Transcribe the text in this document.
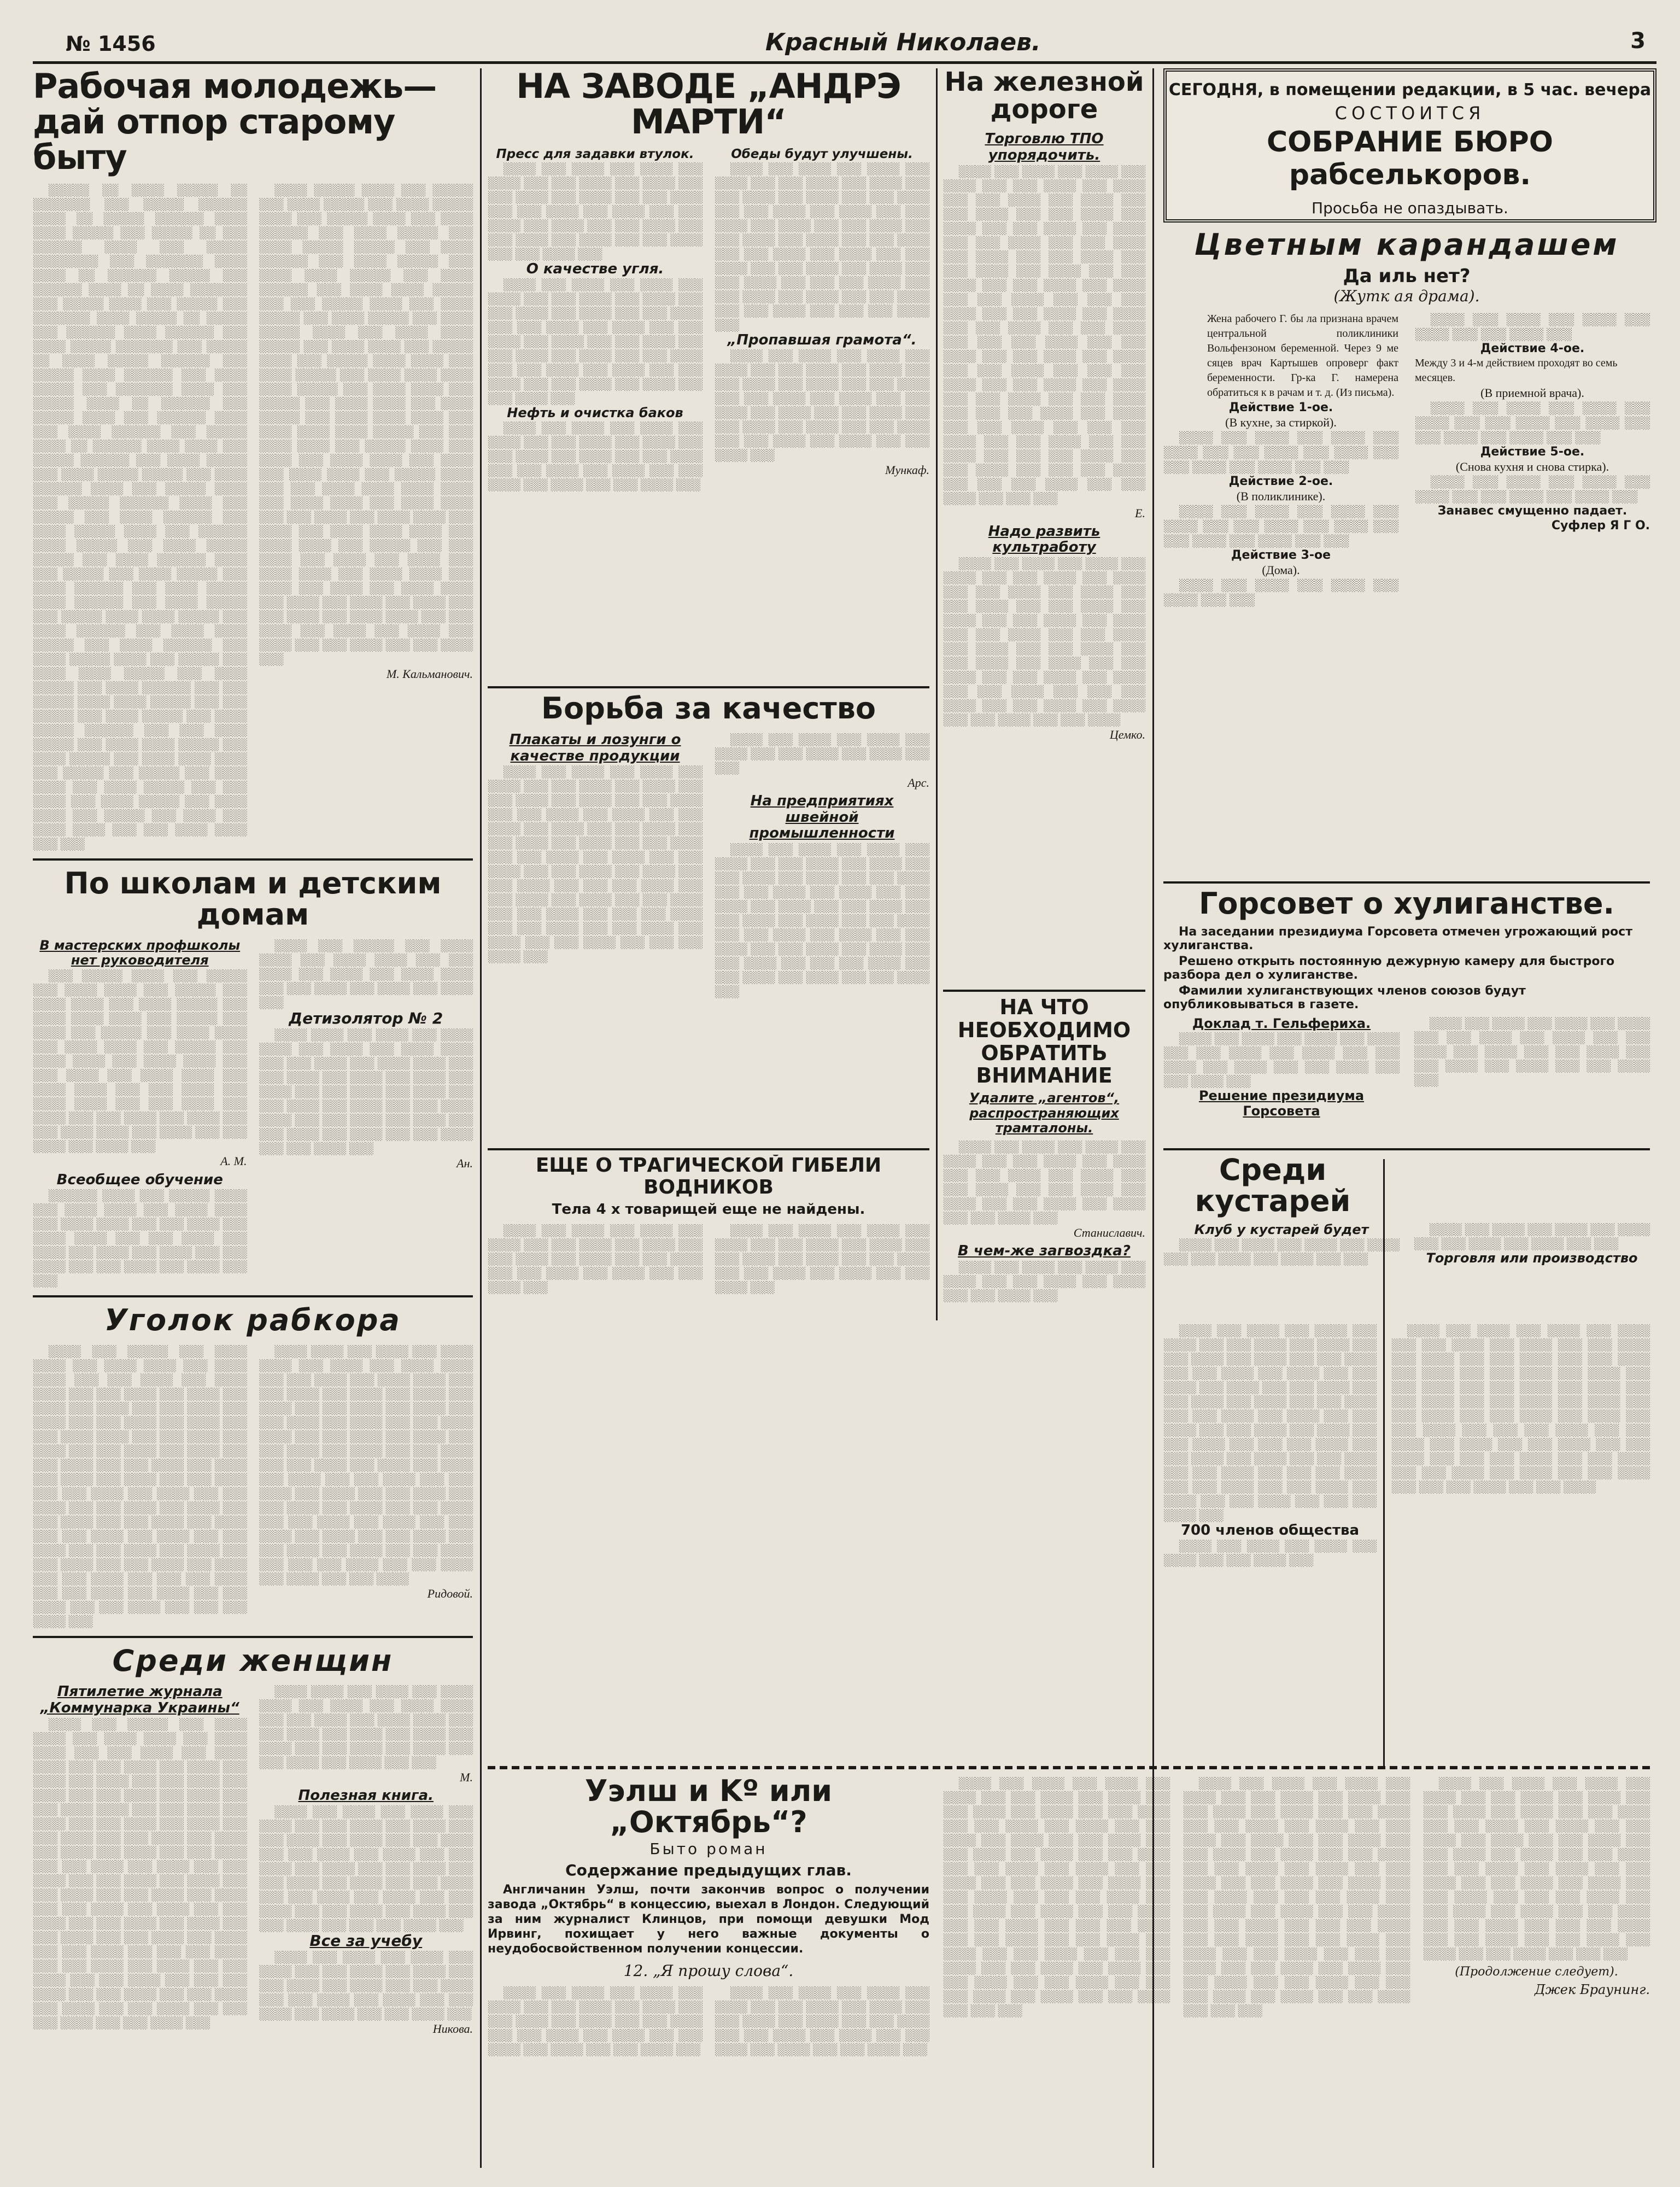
№ 1456	Красный Николаев.	3
Рабочая молодежь—дай отпор старому быту

░░░░░ ░░ ░░░░ ░░░░░ ░░ ░░░░░░░ ░░░ ░░░░░ ░░░░░░ ░░░░ ░░ ░░░░░ ░░░░░░ ░░░░ ░░░░ ░░░░░ ░░░ ░░░░░ ░░ ░░░ ░░░░░░ ░░░░ ░░░ ░░░░░ ░░░░░░░░ ░░░ ░░░░░░░ ░░░░ ░░░░ ░░ ░░░░░░ ░░░░░ ░░░ ░░░░░░ ░░░░ ░░ ░░░░ ░░░░░░░ ░░░ ░░░░░ ░░░░ ░░░ ░░░░░ ░░░ ░░░░░░░ ░░░░ ░░░░░ ░░ ░░░░░ ░░░ ░░░░░░ ░░░░ ░░░░░░ ░░░ ░░░░ ░░░░░ ░░░░░░░ ░░░ ░░░░░ ░░ ░░░░ ░░░░░ ░░░░░░ ░░░ ░░░░░ ░░░░ ░░░░░░ ░░░ ░░░░ ░░░░░ ░░░ ░░░░░░░ ░░░░ ░░░ ░░░░░ ░░░░ ░░ ░░░░░░ ░░░ ░░░░░ ░░░░ ░░░ ░░░░░░ ░░░░ ░░░ ░░░░ ░░░░░░ ░░░ ░░░░░ ░░░░ ░░ ░░░░░░ ░░░░ ░░░░ ░░░ ░░░░░ ░░░░░░ ░░░ ░░░░ ░░░░░ ░░░ ░░░░ ░░░░░ ░░░░░ ░░░ ░░░░ ░░░░░░ ░░░░ ░░░ ░░░░░ ░░░░ ░░░ ░░░░░ ░░░░░░ ░░░░ ░░░ ░░░░░ ░░░ ░░░░ ░░░░░░ ░░░ ░░░░ ░░░░░ ░░░░ ░░░ ░░░░░░ ░░░░ ░░░░░ ░░░ ░░░░ ░░░░░ ░░░░░ ░░░ ░░░░ ░░░░░░ ░░░░ ░░░ ░░░░░ ░░░ ░░░░ ░░░░░ ░░░ ░░░░ ░░░░░░ ░░░ ░░░░ ░░░░░ ░░░░ ░░░░░░ ░░░ ░░░░ ░░░░░ ░░░ ░░░░░ ░░░░ ░░░░ ░░░░░ ░░░ ░░░░ ░░░░░░ ░░░ ░░░░ ░░░░ ░░░░░ ░░░ ░░░░ ░░░░░░ ░░░ ░░░░ ░░░░░ ░░░░ ░░░ ░░░░░ ░░░ ░░░░ ░░░░ ░░░░░ ░░░ ░░░░ ░░░░░ ░░░ ░░░░ ░░░░░░ ░░░ ░░░ ░░░░░ ░░░░ ░░░░ ░░░░░ ░░░ ░░░ ░░░░░ ░░░ ░░░░ ░░░░░ ░░░ ░░░░ ░░░░░ ░░░░░░ ░░░ ░░░ ░░░░ ░░░░░ ░░░ ░░░░ ░░░░ ░░░░░ ░░░ ░░░░ ░░░░░ ░░░ ░░░░ ░░░░ ░░░░ ░░░ ░░░░░ ░░░ ░░░░░ ░░░ ░░░░ ░░░░ ░░░ ░░░░ ░░░░░ ░░░ ░░░ ░░░░ ░░░ ░░░░ ░░░░░ ░░░ ░░░░ ░░░░ ░░░ ░░░░░ ░░░ ░░░░ ░░░ ░░░░ ░░░░ ░░░ ░░░ ░░░░ ░░░░ ░░░ ░░░

░░░░ ░░░░░ ░░░░ ░░░ ░░░░░ ░░░ ░░░░ ░░░░░ ░░░ ░░░░ ░░░░░ ░░░░ ░░░ ░░░░░ ░░░░ ░░░ ░░░░ ░░░░░░ ░░░ ░░░░ ░░░░░ ░░░ ░░░░ ░░░░░ ░░░░░ ░░░ ░░░░ ░░░░░░ ░░░ ░░░░ ░░░░░ ░░░ ░░░░ ░░░░ ░░░░░ ░░░ ░░░░ ░░░░░░ ░░░ ░░░░ ░░░░ ░░░░░ ░░░ ░░░ ░░░░░ ░░░░ ░░░ ░░░░ ░░░░░ ░░░ ░░░░ ░░░░░ ░░░ ░░░░ ░░░░░ ░░░░ ░░░ ░░░░ ░░░░ ░░░░░ ░░░ ░░░░ ░░░░ ░░░ ░░░░░ ░░░░ ░░░ ░░░░░ ░░░░ ░░░░ ░░░ ░░░░ ░░░░░ ░░░ ░░░░ ░░░░ ░░░░ ░░░░ ░░░░░ ░░░ ░░░░ ░░░░ ░░░ ░░░░░ ░░░ ░░░░ ░░░░ ░░░ ░░░░ ░░░░░ ░░░ ░░░░ ░░░░ ░░░░ ░░░ ░░░░ ░░░░ ░░░░ ░░░░░ ░░░ ░░░ ░░░░ ░░░░ ░░░ ░░░░░ ░░░░ ░░░ ░░░░ ░░░ ░░░░ ░░░░ ░░░ ░░░░ ░░░ ░░░░ ░░░░ ░░░ ░░░░░ ░░░░ ░░░ ░░░ ░░░░ ░░░░ ░░░░ ░░░░ ░░░ ░░░░ ░░░░ ░░░ ░░░░ ░░░░ ░░░ ░░░ ░░░░ ░░░ ░░░░ ░░░░ ░░░ ░░░░ ░░░ ░░░░ ░░░░ ░░░░ ░░░ ░░░░ ░░░░ ░░░ ░░░░░ ░░░ ░░░ ░░░░ ░░░ ░░░░ ░░░ ░░░░ ░░░ ░░░░ ░░░░ ░░░ ░░░░ ░░░░ ░░░ ░░░░ ░░░ ░░░░ ░░░ ░░░░ ░░░░ ░░░ ░░░░ ░░░ ░░░░ ░░░ ░░░░ ░░░ ░░░ ░░░░ ░░░ ░░░░ ░░░░ ░░░ ░░░ ░░░░ ░░░ ░░░░ ░░░ ░░░░ ░░░ ░░░░ ░░░ ░░░ ░░░░ ░░░ ░░░ ░░░░ ░░░

М. Кальманович.
По школам и детским домам
В мастерских профшколы нет руководителя

░░░ ░░░░░ ░░░░ ░░░ ░░░░░ ░░░ ░░░░ ░░░░ ░░░ ░░░░░ ░░░ ░░░░ ░░░░ ░░░ ░░░░ ░░░░░ ░░░ ░░░░ ░░░░ ░░░░ ░░░ ░░░░░ ░░░ ░░░░ ░░░ ░░░░░ ░░░ ░░░░ ░░░░ ░░░ ░░░░ ░░░░ ░░░ ░░░░░ ░░░ ░░░░ ░░░░ ░░░ ░░░░ ░░░░ ░░░ ░░░ ░░░░ ░░░ ░░░░ ░░░░ ░░░ ░░░░ ░░░░ ░░░ ░░░ ░░░░ ░░░ ░░░░ ░░░░ ░░░ ░░░ ░░░░ ░░░ ░░░░ ░░░ ░░░ ░░░░ ░░░ ░░░░ ░░░ ░░░ ░░░░ ░░░░ ░░░ ░░░░ ░░░ ░░░ ░░░░ ░░░ ░░░░ ░░░

А. М.
Всеобщее обучение

░░░░░░ ░░░░ ░░░ ░░░░░ ░░░░ ░░░ ░░░░ ░░░░ ░░░ ░░░░ ░░░░ ░░░ ░░░░ ░░░░ ░░░ ░░░ ░░░░ ░░░ ░░░░ ░░░░ ░░░ ░░░ ░░░░ ░░░ ░░░░ ░░░ ░░░░ ░░░ ░░░░ ░░░ ░░░ ░░░░ ░░░ ░░░ ░░░░ ░░░ ░░░░ ░░░ ░░░

░░░░ ░░░ ░░░░░ ░░░ ░░░░ ░░░░ ░░░ ░░░░ ░░░░ ░░░ ░░░ ░░░░ ░░░ ░░░░ ░░░ ░░░░ ░░░░ ░░░ ░░░ ░░░░ ░░░ ░░░░ ░░░ ░░░░ ░░░

Детизолятор № 2

░░░░ ░░░░ ░░░ ░░░░ ░░░ ░░░░ ░░░░ ░░░ ░░░░ ░░░ ░░░░ ░░░░ ░░░ ░░░ ░░░░ ░░░ ░░░░ ░░░░ ░░░ ░░░ ░░░░ ░░░ ░░░░ ░░░ ░░░░ ░░░ ░░░░ ░░░ ░░░ ░░░░ ░░░ ░░░░ ░░░ ░░░ ░░░░ ░░░ ░░░░ ░░░ ░░░ ░░░░ ░░░░ ░░░ ░░░ ░░░░ ░░░ ░░░░ ░░░ ░░░ ░░░░ ░░░ ░░░░ ░░░ ░░░ ░░░░ ░░░ ░░░ ░░░░ ░░░

Ан.
Уголок рабкора

░░░░ ░░░ ░░░░░ ░░░ ░░░░ ░░░░ ░░░ ░░░░ ░░░░ ░░░ ░░░░ ░░░░ ░░░ ░░░ ░░░░ ░░░ ░░░░ ░░░░ ░░░ ░░░ ░░░░ ░░░ ░░░░ ░░░ ░░░░ ░░░ ░░░░ ░░░ ░░░ ░░░░ ░░░ ░░░░ ░░░ ░░░ ░░░░ ░░░ ░░░░ ░░░ ░░░ ░░░░ ░░░░ ░░░ ░░░ ░░░░ ░░░ ░░░░ ░░░ ░░░ ░░░░ ░░░ ░░░░ ░░░ ░░░ ░░░░ ░░░ ░░░ ░░░░ ░░░ ░░░░ ░░░ ░░░░ ░░░ ░░░░ ░░░ ░░░ ░░░░ ░░░ ░░░ ░░░░ ░░░ ░░░░ ░░░ ░░░ ░░░░ ░░░ ░░░ ░░░░ ░░░ ░░░░ ░░░ ░░░ ░░░░ ░░░ ░░░ ░░░░ ░░░ ░░░░ ░░░ ░░░ ░░░░ ░░░ ░░░░ ░░░ ░░░ ░░░░ ░░░ ░░░ ░░░░ ░░░ ░░░░ ░░░ ░░░ ░░░░ ░░░ ░░░ ░░░░ ░░░ ░░░░ ░░░ ░░░ ░░░░ ░░░ ░░░ ░░░ ░░░░ ░░░ ░░░ ░░░░ ░░░ ░░░░ ░░░ ░░░ ░░░░ ░░░ ░░░ ░░░░ ░░░ ░░░ ░░░ ░░░░ ░░░

░░░░ ░░░░ ░░░ ░░░░ ░░░ ░░░░ ░░░░ ░░░ ░░░░ ░░░ ░░░░ ░░░░ ░░░ ░░░ ░░░░ ░░░ ░░░░ ░░░░ ░░░ ░░░ ░░░░ ░░░ ░░░░ ░░░ ░░░░ ░░░ ░░░░ ░░░ ░░░ ░░░░ ░░░ ░░░░ ░░░ ░░░ ░░░░ ░░░ ░░░░ ░░░ ░░░ ░░░░ ░░░░ ░░░ ░░░ ░░░░ ░░░ ░░░░ ░░░ ░░░ ░░░░ ░░░ ░░░░ ░░░ ░░░ ░░░░ ░░░ ░░░ ░░░░ ░░░ ░░░░ ░░░ ░░░░ ░░░ ░░░░ ░░░ ░░░ ░░░░ ░░░ ░░░ ░░░░ ░░░ ░░░░ ░░░ ░░░ ░░░░ ░░░ ░░░ ░░░░ ░░░ ░░░░ ░░░ ░░░ ░░░░ ░░░ ░░░ ░░░░ ░░░ ░░░░ ░░░ ░░░ ░░░░ ░░░ ░░░░ ░░░ ░░░ ░░░░ ░░░ ░░░ ░░░░ ░░░ ░░░░ ░░░ ░░░ ░░░░ ░░░ ░░░ ░░░ ░░░░ ░░░ ░░░ ░░░░ ░░░ ░░░░ ░░░ ░░░ ░░░░

Ридовой.
Среди женщин
Пятилетие журнала „Коммунарка Украины“

░░░░ ░░░ ░░░░░ ░░░ ░░░░ ░░░░ ░░░ ░░░░ ░░░░ ░░░ ░░░░ ░░░░ ░░░ ░░░ ░░░░ ░░░ ░░░░ ░░░░ ░░░ ░░░ ░░░░ ░░░ ░░░░ ░░░ ░░░░ ░░░ ░░░░ ░░░ ░░░ ░░░░ ░░░ ░░░░ ░░░ ░░░ ░░░░ ░░░ ░░░░ ░░░ ░░░ ░░░░ ░░░░ ░░░ ░░░ ░░░░ ░░░ ░░░░ ░░░ ░░░ ░░░░ ░░░ ░░░░ ░░░ ░░░ ░░░░ ░░░ ░░░ ░░░░ ░░░ ░░░░ ░░░ ░░░░ ░░░ ░░░░ ░░░ ░░░ ░░░░ ░░░ ░░░ ░░░░ ░░░ ░░░░ ░░░ ░░░ ░░░░ ░░░ ░░░ ░░░░ ░░░ ░░░░ ░░░ ░░░ ░░░░ ░░░ ░░░ ░░░░ ░░░ ░░░░ ░░░ ░░░ ░░░░ ░░░ ░░░░ ░░░ ░░░ ░░░░ ░░░ ░░░ ░░░░ ░░░ ░░░░ ░░░ ░░░ ░░░░ ░░░ ░░░ ░░░░ ░░░ ░░░░ ░░░ ░░░ ░░░░ ░░░ ░░░ ░░░ ░░░░ ░░░ ░░░ ░░░░ ░░░ ░░░░ ░░░ ░░░ ░░░░ ░░░ ░░░ ░░░░ ░░░ ░░░ ░░░ ░░░░ ░░░ ░░░ ░░░░ ░░░ ░░░ ░░░░ ░░░ ░░░░ ░░░ ░░░ ░░░░ ░░░ ░░░ ░░░ ░░░░ ░░░ ░░░ ░░░░ ░░░

░░░░ ░░░░ ░░░ ░░░░ ░░░ ░░░░ ░░░░ ░░░ ░░░░ ░░░ ░░░░ ░░░░ ░░░ ░░░ ░░░░ ░░░ ░░░░ ░░░░ ░░░ ░░░ ░░░░ ░░░ ░░░░ ░░░ ░░░░ ░░░ ░░░░ ░░░ ░░░ ░░░░ ░░░ ░░░░ ░░░ ░░░ ░░░░ ░░░ ░░░░ ░░░ ░░░

М.
Полезная книга.

░░░░ ░░░ ░░░░ ░░░ ░░░░ ░░░ ░░░░ ░░░ ░░░ ░░░░ ░░░ ░░░░ ░░░ ░░░ ░░░░ ░░░ ░░░░ ░░░ ░░░ ░░░░ ░░░ ░░░ ░░░░ ░░░ ░░░░ ░░░ ░░░ ░░░░ ░░░ ░░░░ ░░░ ░░░ ░░░░ ░░░ ░░░ ░░░░ ░░░ ░░░░ ░░░ ░░░ ░░░░ ░░░ ░░░ ░░░░ ░░░ ░░░░ ░░░ ░░░ ░░░░ ░░░ ░░░ ░░░░ ░░░ ░░░░ ░░░ ░░░ ░░░░ ░░░ ░░░ ░░░ ░░░░ ░░░

Все за учебу

░░░░ ░░░ ░░░░ ░░░ ░░░░ ░░░ ░░░░ ░░░ ░░░ ░░░░ ░░░ ░░░░ ░░░ ░░░ ░░░░ ░░░ ░░░░ ░░░ ░░░ ░░░░ ░░░ ░░░ ░░░░ ░░░ ░░░░ ░░░ ░░░ ░░░░ ░░░ ░░░░ ░░░ ░░░ ░░░░ ░░░

Никова.
НА ЗАВОДЕ „АНДРЭ МАРТИ“
Пресс для задавки втулок.

░░░░ ░░░ ░░░░ ░░░ ░░░░ ░░░ ░░░░ ░░░ ░░░ ░░░░ ░░░ ░░░░ ░░░ ░░░ ░░░░ ░░░ ░░░░ ░░░ ░░░ ░░░░ ░░░ ░░░ ░░░░ ░░░ ░░░░ ░░░ ░░░ ░░░░ ░░░ ░░░░ ░░░ ░░░ ░░░░ ░░░ ░░░ ░░░░ ░░░ ░░░░ ░░░ ░░░ ░░░░ ░░░ ░░░ ░░░░ ░░░

О качестве угля.

░░░░ ░░░ ░░░░ ░░░ ░░░░ ░░░ ░░░░ ░░░ ░░░ ░░░░ ░░░ ░░░░ ░░░ ░░░ ░░░░ ░░░ ░░░░ ░░░ ░░░ ░░░░ ░░░ ░░░ ░░░░ ░░░ ░░░░ ░░░ ░░░ ░░░░ ░░░ ░░░░ ░░░ ░░░ ░░░░ ░░░ ░░░ ░░░░ ░░░ ░░░░ ░░░ ░░░ ░░░░ ░░░ ░░░ ░░░░ ░░░ ░░░░ ░░░ ░░░ ░░░░ ░░░ ░░░ ░░░░ ░░░ ░░░░ ░░░ ░░░ ░░░░ ░░░

Нефть и очистка баков

░░░░ ░░░ ░░░░ ░░░ ░░░░ ░░░ ░░░░ ░░░ ░░░ ░░░░ ░░░ ░░░░ ░░░ ░░░ ░░░░ ░░░ ░░░░ ░░░ ░░░ ░░░░ ░░░ ░░░ ░░░░ ░░░ ░░░░ ░░░ ░░░ ░░░░ ░░░ ░░░░ ░░░ ░░░ ░░░░ ░░░

Обеды будут улучшены.

░░░░ ░░░ ░░░░ ░░░ ░░░░ ░░░ ░░░░ ░░░ ░░░ ░░░░ ░░░ ░░░░ ░░░ ░░░ ░░░░ ░░░ ░░░░ ░░░ ░░░ ░░░░ ░░░ ░░░ ░░░░ ░░░ ░░░░ ░░░ ░░░ ░░░░ ░░░ ░░░░ ░░░ ░░░ ░░░░ ░░░ ░░░ ░░░░ ░░░ ░░░░ ░░░ ░░░ ░░░░ ░░░ ░░░ ░░░░ ░░░ ░░░░ ░░░ ░░░ ░░░░ ░░░ ░░░ ░░░░ ░░░ ░░░░ ░░░ ░░░ ░░░░ ░░░ ░░░ ░░░ ░░░░ ░░░ ░░░ ░░░░ ░░░ ░░░░ ░░░ ░░░ ░░░░ ░░░ ░░░ ░░░░ ░░░ ░░░ ░░░ ░░░░ ░░░

„Пропавшая грамота“.

░░░░ ░░░ ░░░░ ░░░ ░░░░ ░░░ ░░░░ ░░░ ░░░ ░░░░ ░░░ ░░░░ ░░░ ░░░ ░░░░ ░░░ ░░░░ ░░░ ░░░ ░░░░ ░░░ ░░░ ░░░░ ░░░ ░░░░ ░░░ ░░░ ░░░░ ░░░ ░░░░ ░░░ ░░░ ░░░░ ░░░ ░░░ ░░░░ ░░░ ░░░░ ░░░ ░░░ ░░░░ ░░░ ░░░ ░░░░ ░░░ ░░░░ ░░░ ░░░ ░░░░ ░░░

Мункаф.
Борьба за качество
Плакаты и лозунги о качестве продукции

░░░░ ░░░ ░░░░ ░░░ ░░░░ ░░░ ░░░░ ░░░ ░░░ ░░░░ ░░░ ░░░░ ░░░ ░░░ ░░░░ ░░░ ░░░░ ░░░ ░░░ ░░░░ ░░░ ░░░ ░░░░ ░░░ ░░░░ ░░░ ░░░ ░░░░ ░░░ ░░░░ ░░░ ░░░ ░░░░ ░░░ ░░░ ░░░░ ░░░ ░░░░ ░░░ ░░░ ░░░░ ░░░ ░░░ ░░░░ ░░░ ░░░░ ░░░ ░░░ ░░░░ ░░░ ░░░ ░░░░ ░░░ ░░░░ ░░░ ░░░ ░░░░ ░░░ ░░░ ░░░ ░░░░ ░░░ ░░░ ░░░░ ░░░ ░░░░ ░░░ ░░░ ░░░░ ░░░ ░░░ ░░░░ ░░░ ░░░ ░░░ ░░░░ ░░░ ░░░ ░░░░ ░░░ ░░░ ░░░░ ░░░ ░░░░ ░░░ ░░░ ░░░░ ░░░ ░░░ ░░░ ░░░░ ░░░

░░░░ ░░░ ░░░░ ░░░ ░░░░ ░░░ ░░░░ ░░░ ░░░ ░░░░ ░░░ ░░░░ ░░░ ░░░

Арс.
На предприятиях швейной промышленности

░░░░ ░░░ ░░░░ ░░░ ░░░░ ░░░ ░░░░ ░░░ ░░░ ░░░░ ░░░ ░░░░ ░░░ ░░░ ░░░░ ░░░ ░░░░ ░░░ ░░░ ░░░░ ░░░ ░░░ ░░░░ ░░░ ░░░░ ░░░ ░░░ ░░░░ ░░░ ░░░░ ░░░ ░░░ ░░░░ ░░░ ░░░ ░░░░ ░░░ ░░░░ ░░░ ░░░ ░░░░ ░░░ ░░░ ░░░░ ░░░ ░░░░ ░░░ ░░░ ░░░░ ░░░ ░░░ ░░░░ ░░░ ░░░░ ░░░ ░░░ ░░░░ ░░░ ░░░ ░░░ ░░░░ ░░░ ░░░ ░░░░ ░░░ ░░░░ ░░░ ░░░ ░░░░ ░░░

ЕЩЕ О ТРАГИЧЕСКОЙ ГИБЕЛИ ВОДНИКОВ
Тела 4 х товарищей еще не найдены.

░░░░ ░░░ ░░░░ ░░░ ░░░░ ░░░ ░░░░ ░░░ ░░░ ░░░░ ░░░ ░░░░ ░░░ ░░░ ░░░░ ░░░ ░░░░ ░░░ ░░░ ░░░░ ░░░ ░░░ ░░░░ ░░░ ░░░░ ░░░ ░░░ ░░░░ ░░░

░░░░ ░░░ ░░░░ ░░░ ░░░░ ░░░ ░░░░ ░░░ ░░░ ░░░░ ░░░ ░░░░ ░░░ ░░░ ░░░░ ░░░ ░░░░ ░░░ ░░░ ░░░░ ░░░ ░░░ ░░░░ ░░░ ░░░░ ░░░ ░░░ ░░░░ ░░░

На железной дороге
Торговлю ТПО упорядочить.

░░░░ ░░░ ░░░░ ░░░ ░░░░ ░░░ ░░░░ ░░░ ░░░ ░░░░ ░░░ ░░░░ ░░░ ░░░ ░░░░ ░░░ ░░░░ ░░░ ░░░ ░░░░ ░░░ ░░░ ░░░░ ░░░ ░░░░ ░░░ ░░░ ░░░░ ░░░ ░░░░ ░░░ ░░░ ░░░░ ░░░ ░░░ ░░░░ ░░░ ░░░░ ░░░ ░░░ ░░░░ ░░░ ░░░ ░░░░ ░░░ ░░░░ ░░░ ░░░ ░░░░ ░░░ ░░░ ░░░░ ░░░ ░░░░ ░░░ ░░░ ░░░░ ░░░ ░░░ ░░░ ░░░░ ░░░ ░░░ ░░░░ ░░░ ░░░░ ░░░ ░░░ ░░░░ ░░░ ░░░ ░░░░ ░░░ ░░░ ░░░ ░░░░ ░░░ ░░░ ░░░░ ░░░ ░░░ ░░░░ ░░░ ░░░░ ░░░ ░░░ ░░░░ ░░░ ░░░ ░░░ ░░░░ ░░░ ░░░ ░░░░ ░░░ ░░░░ ░░░ ░░░ ░░░░ ░░░ ░░░ ░░░░ ░░░ ░░░ ░░░ ░░░░ ░░░ ░░░░ ░░░ ░░░ ░░░░ ░░░ ░░░ ░░░ ░░░░ ░░░ ░░░ ░░░░ ░░░ ░░░ ░░░░ ░░░ ░░░ ░░░ ░░░░ ░░░ ░░░ ░░░░ ░░░ ░░░ ░░░ ░░░░ ░░░ ░░░ ░░░ ░░░░ ░░░ ░░░ ░░░░ ░░░ ░░░ ░░░

Е.
Надо развить культработу

░░░░ ░░░ ░░░░ ░░░ ░░░░ ░░░ ░░░░ ░░░ ░░░ ░░░░ ░░░ ░░░░ ░░░ ░░░ ░░░░ ░░░ ░░░░ ░░░ ░░░ ░░░░ ░░░ ░░░ ░░░░ ░░░ ░░░░ ░░░ ░░░ ░░░░ ░░░ ░░░░ ░░░ ░░░ ░░░░ ░░░ ░░░ ░░░░ ░░░ ░░░░ ░░░ ░░░ ░░░░ ░░░ ░░░ ░░░░ ░░░ ░░░░ ░░░ ░░░ ░░░░ ░░░ ░░░ ░░░░ ░░░ ░░░░ ░░░ ░░░ ░░░░ ░░░ ░░░ ░░░ ░░░░ ░░░ ░░░ ░░░░ ░░░ ░░░░ ░░░ ░░░ ░░░░ ░░░ ░░░ ░░░░

Цемко.
НА ЧТО НЕОБХОДИМО ОБРАТИТЬ ВНИМАНИЕ
Удалите „агентов“, распространяющих трамталоны.

░░░░ ░░░ ░░░░ ░░░ ░░░░ ░░░ ░░░░ ░░░ ░░░ ░░░░ ░░░ ░░░░ ░░░ ░░░ ░░░░ ░░░ ░░░░ ░░░ ░░░ ░░░░ ░░░ ░░░ ░░░░ ░░░ ░░░░ ░░░ ░░░ ░░░░ ░░░ ░░░░ ░░░ ░░░ ░░░░ ░░░

Станиславич.
В чем-же загвоздка?

░░░░ ░░░ ░░░░ ░░░ ░░░░ ░░░ ░░░░ ░░░ ░░░ ░░░░ ░░░ ░░░░ ░░░ ░░░ ░░░░ ░░░

СЕГОДНЯ, в помещении редакции, в 5 час. вечера
СОСТОИТСЯ
СОБРАНИЕ БЮРО рабселькоров.
Просьба не опаздывать.
Цветным карандашем
Да иль нет?
(Жутк ая драма).

Жена рабочего Г. бы ла признана врачем центральной поликлиники Вольфензоном беременной. Через 9 ме сяцев врач Картышев опроверг факт беременности. Гр-ка Г. намерена обратиться к в рачам и т. д. (Из письма).

Действие 1-ое.

(В кухне, за стиркой).

░░░░ ░░░ ░░░░ ░░░ ░░░░ ░░░ ░░░░ ░░░ ░░░ ░░░░ ░░░ ░░░░ ░░░ ░░░ ░░░░ ░░░ ░░░░ ░░░ ░░░

Действие 2-ое.

(В поликлинике).

░░░░ ░░░ ░░░░ ░░░ ░░░░ ░░░ ░░░░ ░░░ ░░░ ░░░░ ░░░ ░░░░ ░░░ ░░░ ░░░░ ░░░ ░░░░ ░░░ ░░░

Действие 3-ое

(Дома).

░░░░ ░░░ ░░░░ ░░░ ░░░░ ░░░ ░░░░ ░░░ ░░░

░░░░ ░░░ ░░░░ ░░░ ░░░░ ░░░ ░░░░ ░░░ ░░░ ░░░░ ░░░

Действие 4-ое.

Между 3 и 4-м действием проходят во семь месяцев.

(В приемной врача).

░░░░ ░░░ ░░░░ ░░░ ░░░░ ░░░ ░░░░ ░░░ ░░░ ░░░░ ░░░ ░░░░ ░░░ ░░░ ░░░░ ░░░ ░░░░ ░░░ ░░░

Действие 5-ое.

(Снова кухня и снова стирка).

░░░░ ░░░ ░░░░ ░░░ ░░░░ ░░░ ░░░░ ░░░ ░░░ ░░░░ ░░░ ░░░░ ░░░

Занавес смущенно падает.

Суфлер Я Г О.

Горсовет о хулиганстве.

На заседании президиума Горсовета отмечен угрожающий рост хулиганства.

Решено открыть постоянную дежурную камеру для быстрого разбора дел о хулиганстве.

Фамилии хулиганствующих членов союзов будут опубликовываться в газете.

Доклад т. Гельфериха.

░░░░ ░░░ ░░░░ ░░░ ░░░░ ░░░ ░░░░ ░░░ ░░░ ░░░░ ░░░ ░░░░ ░░░ ░░░ ░░░░ ░░░ ░░░░ ░░░ ░░░ ░░░░ ░░░ ░░░ ░░░░ ░░░

Решение президиума Горсовета

░░░░ ░░░ ░░░░ ░░░ ░░░░ ░░░ ░░░░ ░░░ ░░░ ░░░░ ░░░ ░░░░ ░░░ ░░░ ░░░░ ░░░ ░░░░ ░░░ ░░░ ░░░░ ░░░ ░░░ ░░░░ ░░░ ░░░░ ░░░ ░░░ ░░░░ ░░░

Среди кустарей
Клуб у кустарей будет

░░░░ ░░░ ░░░░ ░░░ ░░░░ ░░░ ░░░░ ░░░ ░░░ ░░░░ ░░░ ░░░░ ░░░ ░░░

░░░░ ░░░ ░░░░ ░░░ ░░░░ ░░░ ░░░░ ░░░ ░░░ ░░░░ ░░░ ░░░░ ░░░ ░░░

Торговля или производство

░░░░ ░░░ ░░░░ ░░░ ░░░░ ░░░ ░░░░ ░░░ ░░░ ░░░░ ░░░ ░░░░ ░░░ ░░░ ░░░░ ░░░ ░░░░ ░░░ ░░░ ░░░░ ░░░ ░░░ ░░░░ ░░░ ░░░░ ░░░ ░░░ ░░░░ ░░░ ░░░░ ░░░ ░░░ ░░░░ ░░░ ░░░ ░░░░ ░░░ ░░░░ ░░░ ░░░ ░░░░ ░░░ ░░░ ░░░░ ░░░ ░░░░ ░░░ ░░░ ░░░░ ░░░ ░░░ ░░░░ ░░░ ░░░░ ░░░ ░░░ ░░░░ ░░░ ░░░ ░░░ ░░░░ ░░░ ░░░ ░░░░ ░░░ ░░░░ ░░░ ░░░ ░░░░ ░░░ ░░░ ░░░░ ░░░ ░░░ ░░░ ░░░░ ░░░ ░░░ ░░░░ ░░░ ░░░ ░░░░ ░░░ ░░░░ ░░░ ░░░ ░░░░ ░░░ ░░░ ░░░ ░░░░ ░░░

700 членов общества

░░░░ ░░░ ░░░░ ░░░ ░░░░ ░░░ ░░░░ ░░░ ░░░ ░░░░ ░░░

░░░░ ░░░ ░░░░ ░░░ ░░░░ ░░░ ░░░░ ░░░ ░░░ ░░░░ ░░░ ░░░░ ░░░ ░░░ ░░░░ ░░░ ░░░░ ░░░ ░░░ ░░░░ ░░░ ░░░ ░░░░ ░░░ ░░░░ ░░░ ░░░ ░░░░ ░░░ ░░░░ ░░░ ░░░ ░░░░ ░░░ ░░░ ░░░░ ░░░ ░░░░ ░░░ ░░░ ░░░░ ░░░ ░░░ ░░░░ ░░░ ░░░░ ░░░ ░░░ ░░░░ ░░░ ░░░ ░░░░ ░░░ ░░░░ ░░░ ░░░ ░░░░ ░░░ ░░░ ░░░ ░░░░ ░░░ ░░░ ░░░░ ░░░ ░░░░ ░░░ ░░░ ░░░░ ░░░ ░░░ ░░░░ ░░░ ░░░ ░░░ ░░░░ ░░░ ░░░ ░░░░ ░░░ ░░░ ░░░░ ░░░ ░░░░ ░░░ ░░░ ░░░░ ░░░ ░░░ ░░░ ░░░░ ░░░ ░░░ ░░░░

Уэлш и Kº или „Октябрь“?
Быто роман
Содержание предыдущих глав.

Англичанин Уэлш, почти закончив вопрос о получении завода „Октябрь“ в концессию, выехал в Лондон. Следующий за ним журналист Клинцов, при помощи девушки Мод Ирвинг, похищает у него важные документы о неудобосвойственном получении концессии.

12. „Я прошу слова“.

░░░░ ░░░ ░░░░ ░░░ ░░░░ ░░░ ░░░░ ░░░ ░░░ ░░░░ ░░░ ░░░░ ░░░ ░░░ ░░░░ ░░░ ░░░░ ░░░ ░░░ ░░░░ ░░░ ░░░ ░░░░ ░░░ ░░░░ ░░░ ░░░ ░░░░ ░░░ ░░░░ ░░░ ░░░ ░░░░ ░░░

░░░░ ░░░ ░░░░ ░░░ ░░░░ ░░░ ░░░░ ░░░ ░░░ ░░░░ ░░░ ░░░░ ░░░ ░░░ ░░░░ ░░░ ░░░░ ░░░ ░░░ ░░░░ ░░░ ░░░ ░░░░ ░░░ ░░░░ ░░░ ░░░ ░░░░ ░░░ ░░░░ ░░░ ░░░ ░░░░ ░░░

░░░░ ░░░ ░░░░ ░░░ ░░░░ ░░░ ░░░░ ░░░ ░░░ ░░░░ ░░░ ░░░░ ░░░ ░░░ ░░░░ ░░░ ░░░░ ░░░ ░░░ ░░░░ ░░░ ░░░ ░░░░ ░░░ ░░░░ ░░░ ░░░ ░░░░ ░░░ ░░░░ ░░░ ░░░ ░░░░ ░░░ ░░░ ░░░░ ░░░ ░░░░ ░░░ ░░░ ░░░░ ░░░ ░░░ ░░░░ ░░░ ░░░░ ░░░ ░░░ ░░░░ ░░░ ░░░ ░░░░ ░░░ ░░░░ ░░░ ░░░ ░░░░ ░░░ ░░░ ░░░ ░░░░ ░░░ ░░░ ░░░░ ░░░ ░░░░ ░░░ ░░░ ░░░░ ░░░ ░░░ ░░░░ ░░░ ░░░ ░░░ ░░░░ ░░░ ░░░ ░░░░ ░░░ ░░░ ░░░░ ░░░ ░░░░ ░░░ ░░░ ░░░░ ░░░ ░░░ ░░░ ░░░░ ░░░ ░░░ ░░░░ ░░░ ░░░░ ░░░ ░░░ ░░░░ ░░░ ░░░ ░░░░ ░░░ ░░░ ░░░ ░░░░ ░░░ ░░░░ ░░░ ░░░ ░░░░ ░░░ ░░░ ░░░

░░░░ ░░░ ░░░░ ░░░ ░░░░ ░░░ ░░░░ ░░░ ░░░ ░░░░ ░░░ ░░░░ ░░░ ░░░ ░░░░ ░░░ ░░░░ ░░░ ░░░ ░░░░ ░░░ ░░░ ░░░░ ░░░ ░░░░ ░░░ ░░░ ░░░░ ░░░ ░░░░ ░░░ ░░░ ░░░░ ░░░ ░░░ ░░░░ ░░░ ░░░░ ░░░ ░░░ ░░░░ ░░░ ░░░ ░░░░ ░░░ ░░░░ ░░░ ░░░ ░░░░ ░░░ ░░░ ░░░░ ░░░ ░░░░ ░░░ ░░░ ░░░░ ░░░ ░░░ ░░░ ░░░░ ░░░ ░░░ ░░░░ ░░░ ░░░░ ░░░ ░░░ ░░░░ ░░░ ░░░ ░░░░ ░░░ ░░░ ░░░ ░░░░ ░░░ ░░░ ░░░░ ░░░ ░░░ ░░░░ ░░░ ░░░░ ░░░ ░░░ ░░░░ ░░░ ░░░ ░░░ ░░░░ ░░░ ░░░ ░░░░ ░░░ ░░░░ ░░░ ░░░ ░░░░ ░░░ ░░░ ░░░░ ░░░ ░░░ ░░░ ░░░░ ░░░ ░░░░ ░░░ ░░░ ░░░░ ░░░ ░░░ ░░░

░░░░ ░░░ ░░░░ ░░░ ░░░░ ░░░ ░░░░ ░░░ ░░░ ░░░░ ░░░ ░░░░ ░░░ ░░░ ░░░░ ░░░ ░░░░ ░░░ ░░░ ░░░░ ░░░ ░░░ ░░░░ ░░░ ░░░░ ░░░ ░░░ ░░░░ ░░░ ░░░░ ░░░ ░░░ ░░░░ ░░░ ░░░ ░░░░ ░░░ ░░░░ ░░░ ░░░ ░░░░ ░░░ ░░░ ░░░░ ░░░ ░░░░ ░░░ ░░░ ░░░░ ░░░ ░░░ ░░░░ ░░░ ░░░░ ░░░ ░░░ ░░░░ ░░░ ░░░ ░░░ ░░░░ ░░░ ░░░ ░░░░ ░░░ ░░░░ ░░░ ░░░ ░░░░ ░░░ ░░░ ░░░░ ░░░ ░░░ ░░░ ░░░░ ░░░ ░░░ ░░░░ ░░░ ░░░ ░░░░ ░░░ ░░░░ ░░░ ░░░ ░░░░ ░░░ ░░░ ░░░

(Продолжение следует).
Джек Браунинг.
